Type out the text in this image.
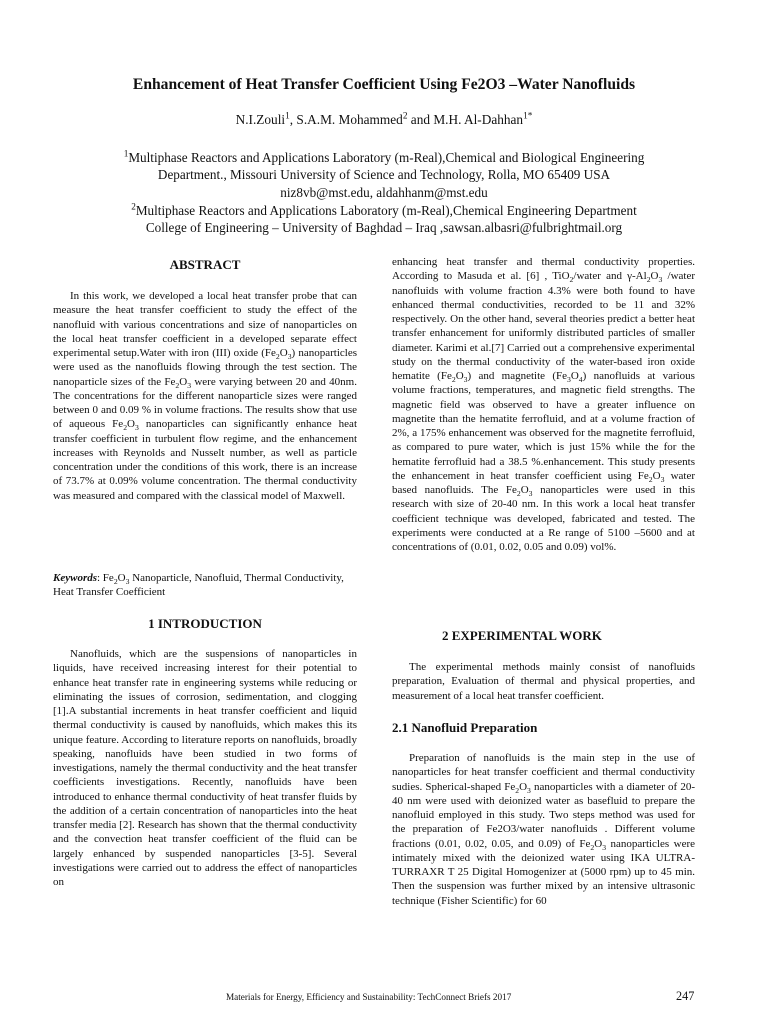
Enhancement of Heat Transfer Coefficient Using Fe2O3 –Water Nanofluids
N.I.Zouli$^1$, S.A.M. Mohammed$^2$ and M.H. Al-Dahhan$^{1*}$
$^1$Multiphase Reactors and Applications Laboratory (m-Real),Chemical and Biological Engineering
Department., Missouri University of Science and Technology, Rolla, MO 65409 USA
niz8vb@mst.edu, aldahhanm@mst.edu
$^2$Multiphase Reactors and Applications Laboratory (m-Real),Chemical Engineering Department
College of Engineering – University of Baghdad – Iraq ,sawsan.albasri@fulbrightmail.org
ABSTRACT

In this work, we developed a local heat transfer probe that can measure the heat transfer coefficient to study the effect of the nanofluid with various concentrations and size of nanoparticles on the local heat transfer coefficient in a developed separate effect experimental setup.Water with iron (III) oxide $(Fe_2O_3)$ nanoparticles were used as the nanofluids flowing through the test section. The nanoparticle sizes of the $Fe_2O_3$ were varying between 20 and 40nm. The concentrations for the different nanoparticle sizes were ranged between 0 and 0.09 % in volume fractions. The results show that use of aqueous $Fe_2O_3$ nanoparticles can significantly enhance heat transfer coefficient in turbulent flow regime, and the enhancement increases with Reynolds and Nusselt number, as well as particle concentration under the conditions of this work, there is an increase of 73.7% at 0.09% volume concentration. The thermal conductivity was measured and compared with the classical model of Maxwell.

Keywords: $Fe_2O_3$ Nanoparticle, Nanofluid, Thermal Conductivity, Heat Transfer Coefficient

1 INTRODUCTION

Nanofluids, which are the suspensions of nanoparticles in liquids, have received increasing interest for their potential to enhance heat transfer rate in engineering systems while reducing or eliminating the issues of corrosion, sedimentation, and clogging [1].A substantial increments in heat transfer coefficient and liquid thermal conductivity is caused by nanofluids, which makes this its unique feature. According to literature reports on nanofluids, broadly speaking, nanofluids have been studied in two forms of investigations, namely the thermal conductivity and the heat transfer coefficients investigations. Recently, nanofluids have been introduced to enhance thermal conductivity of heat transfer fluids by the addition of a certain concentration of nanoparticles into the heat transfer media [2]. Research has shown that the thermal conductivity and the convection heat transfer coefficient of the fluid can be largely enhanced by suspended nanoparticles [3-5]. Several investigations were carried out to address the effect of nanoparticles on

enhancing heat transfer and thermal conductivity properties. According to Masuda et al. [6] , TiO$_2$/water and $\gamma-Al_2O_3$ /water nanofluids with volume fraction 4.3% were both found to have enhanced thermal conductivities, recorded to be 11 and 32% respectively. On the other hand, several theories predict a better heat transfer enhancement for uniformly distributed particles of smaller diameter. Karimi et al.[7] Carried out a comprehensive experimental study on the thermal conductivity of the water-based iron oxide hematite $(Fe_2O_3)$ and magnetite $(Fe_3O_4)$ nanofluids at various volume fractions, temperatures, and magnetic field strengths. The magnetic field was observed to have a greater influence on magnetite than the hematite ferrofluid, and at a volume fraction of 2%, a 175% enhancement was observed for the magnetite ferrofluid, as compared to pure water, which is just 15% while the for the hematite ferrofluid had a 38.5 %.enhancement. This study presents the enhancement in heat transfer coefficient using $Fe_2O_3$ water based nanofluids. The $Fe_2O_3$ nanoparticles were used in this research with size of 20-40 nm. In this work a local heat transfer coefficient technique was developed, fabricated and tested. The experiments were conducted at a Re range of 5100 –5600 and at concentrations of (0.01, 0.02, 0.05 and 0.09) vol%.

2 EXPERIMENTAL WORK

The experimental methods mainly consist of nanofluids preparation, Evaluation of thermal and physical properties, and measurement of a local heat transfer coefficient.

2.1 Nanofluid Preparation

Preparation of nanofluids is the main step in the use of nanoparticles for heat transfer coefficient and thermal conductivity sudies. Spherical-shaped $Fe_2O_3$ nanoparticles with a diameter of 20-40 nm were used with deionized water as basefluid to prepare the nanofluid employed in this study. Two steps method was used for the preparation of Fe2O3/water nanofluids . Different volume fractions (0.01, 0.02, 0.05, and 0.09) of $Fe_2O_3$ nanoparticles were intimately mixed with the deionized water using IKA ULTRA-TURRAXR T 25 Digital Homogenizer at (5000 rpm) up to 45 min. Then the suspension was further mixed by an intensive ultrasonic technique (Fisher Scientific) for 60

Materials for Energy, Efficiency and Sustainability: TechConnect Briefs 2017	247
